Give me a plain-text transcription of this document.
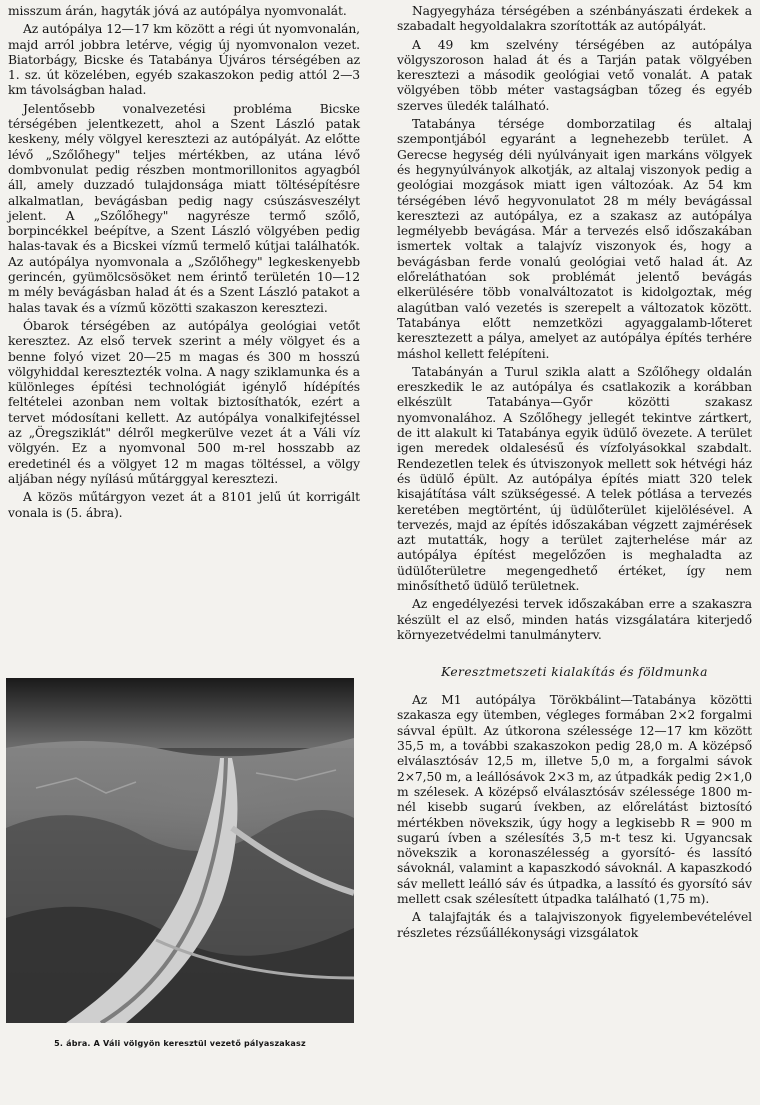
misszum árán, hagyták jóvá az autópálya nyomvonalát.

Az autópálya 12—17 km között a régi út nyomvonalán, majd arról jobbra letérve, végig új nyomvonalon vezet. Biatorbágy, Bicske és Tatabánya Újváros térségében az 1. sz. út közelében, egyéb szakaszokon pedig attól 2—3 km távolságban halad.

Jelentősebb vonalvezetési probléma Bicske térségében jelentkezett, ahol a Szent László patak keskeny, mély völgyel keresztezi az autópályát. Az előtte lévő „Szőlőhegy" teljes mértékben, az utána lévő dombvonulat pedig részben montmorillonitos agyagból áll, amely duzzadó tulajdonsága miatt töltésépítésre alkalmatlan, bevágásban pedig nagy csúszásveszélyt jelent. A „Szőlőhegy" nagyrésze termő szőlő, borpincékkel beépítve, a Szent László völgyében pedig halas-tavak és a Bicskei vízmű termelő kútjai találhatók. Az autópálya nyomvonala a „Szőlőhegy" legkeskenyebb gerincén, gyümölcsösöket nem érintő területén 10—12 m mély bevágásban halad át és a Szent László patakot a halas tavak és a vízmű közötti szakaszon keresztezi.

Óbarok térségében az autópálya geológiai vetőt keresztez. Az első tervek szerint a mély völgyet és a benne folyó vizet 20—25 m magas és 300 m hosszú völgyhiddal keresztezték volna. A nagy sziklamunka és a különleges építési technológiát igénylő hídépítés feltételei azonban nem voltak biztosíthatók, ezért a tervet módosítani kellett. Az autópálya vonalkifejtéssel az „Öregsziklát" délről megkerülve vezet át a Váli víz völgyén. Ez a nyomvonal 500 m-rel hosszabb az eredetinél és a völgyet 12 m magas töltéssel, a völgy aljában négy nyílású műtárggyal keresztezi.

A közös műtárgyon vezet át a 8101 jelű út korrigált vonala is (5. ábra).

5. ábra. A Váli völgyön keresztül vezető pályaszakasz

Nagyegyháza térségében a szénbányászati érdekek a szabadalt hegyoldalakra szorították az autópályát.

A 49 km szelvény térségében az autópálya völgyszoroson halad át és a Tarján patak völgyében keresztezi a második geológiai vető vonalát. A patak völgyében több méter vastagságban tőzeg és egyéb szerves üledék található.

Tatabánya térsége domborzatilag és altalaj szempontjából egyaránt a legnehezebb terület. A Gerecse hegység déli nyúlványait igen markáns völgyek és hegynyúlványok alkotják, az altalaj viszonyok pedig a geológiai mozgások miatt igen változóak. Az 54 km térségében lévő hegyvonulatot 28 m mély bevágással keresztezi az autópálya, ez a szakasz az autópálya legmélyebb bevágása. Már a tervezés első időszakában ismertek voltak a talajvíz viszonyok és, hogy a bevágásban ferde vonalú geológiai vető halad át. Az előreláthatóan sok problémát jelentő bevágás elkerülésére több vonalváltozatot is kidolgoztak, még alagútban való vezetés is szerepelt a változatok között. Tatabánya előtt nemzetközi agyaggalamb-lőteret keresztezett a pálya, amelyet az autópálya építés terhére máshol kellett felépíteni.

Tatabányán a Turul szikla alatt a Szőlőhegy oldalán ereszkedik le az autópálya és csatlakozik a korábban elkészült Tatabánya—Győr közötti szakasz nyomvonalához. A Szőlőhegy jellegét tekintve zártkert, de itt alakult ki Tatabánya egyik üdülő övezete. A terület igen meredek oldalesésű és vízfolyásokkal szabdalt. Rendezetlen telek és útviszonyok mellett sok hétvégi ház és üdülő épült. Az autópálya építés miatt 320 telek kisajátítása vált szükségessé. A telek pótlása a tervezés keretében megtörtént, új üdülőterület kijelölésével. A tervezés, majd az építés időszakában végzett zajmérések azt mutatták, hogy a terület zajterhelése már az autópálya építést megelőzően is meghaladta az üdülőterületre megengedhető értéket, így nem minősíthető üdülő területnek.

Az engedélyezési tervek időszakában erre a szakaszra készült el az első, minden hatás vizsgálatára kiterjedő környezetvédelmi tanulmányterv.

Keresztmetszeti kialakítás és földmunka

Az M1 autópálya Törökbálint—Tatabánya közötti szakasza egy ütemben, végleges formában 2×2 forgalmi sávval épült. Az útkorona szélessége 12—17 km között 35,5 m, a további szakaszokon pedig 28,0 m. A középső elválasztósáv 12,5 m, illetve 5,0 m, a forgalmi sávok 2×7,50 m, a leállósávok 2×3 m, az útpadkák pedig 2×1,0 m szélesek. A középső elválasztósáv szélessége 1800 m-nél kisebb sugarú ívekben, az előrelátást biztosító mértékben növekszik, úgy hogy a legkisebb R = 900 m sugarú ívben a szélesítés 3,5 m-t tesz ki. Ugyancsak növekszik a koronaszélesség a gyorsító- és lassító sávoknál, valamint a kapaszkodó sávoknál. A kapaszkodó sáv mellett leálló sáv és útpadka, a lassító és gyorsító sáv mellett csak szélesített útpadka található (1,75 m).

A talajfajták és a talajviszonyok figyelembevételével részletes rézsűállékonysági vizsgálatok
